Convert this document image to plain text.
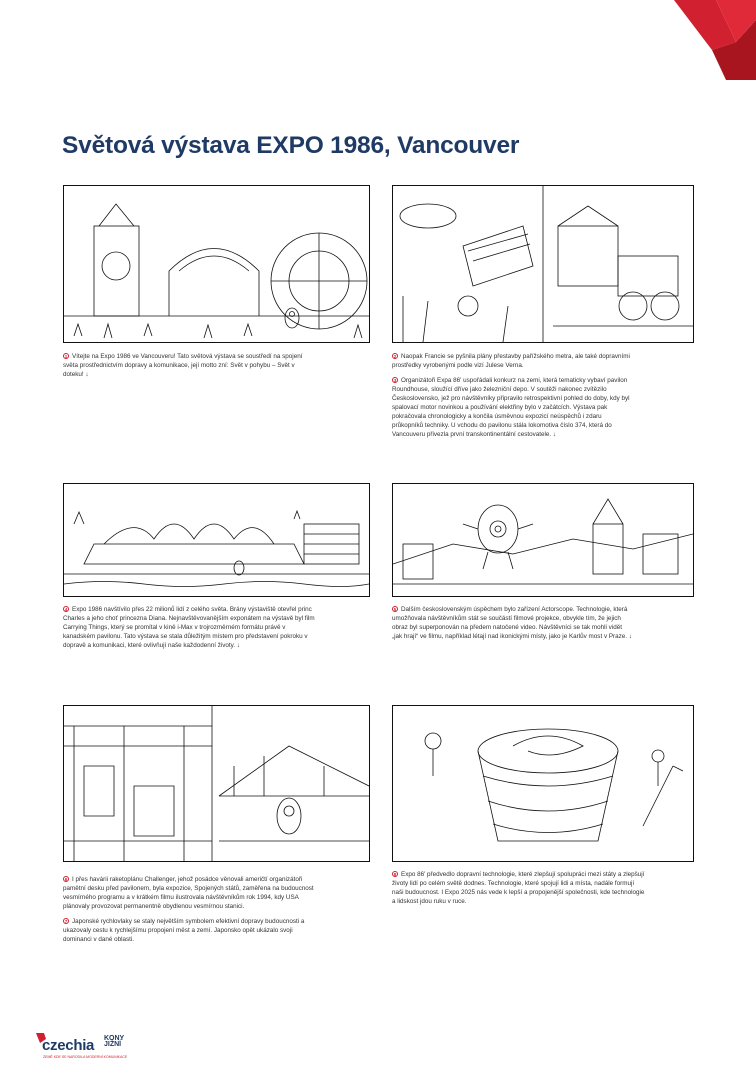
Světová výstava EXPO 1986, Vancouver

1 Vítejte na Expo 1986 ve Vancouveru! Tato světová výstava se soustředí na spojení světa prostřednictvím dopravy a komunikace, její motto zní: Svět v pohybu – Svět v doteku! ↓

2 Naopak Francie se pyšnila plány přestavby pařížského metra, ale také dopravními prostředky vyrobenými podle vizí Julese Verna.

3 Organizátoři Expa 86' uspořádali konkurz na zemi, která tematicky vybaví pavilon Roundhouse, sloužící dříve jako železniční depo. V soutěži nakonec zvítězilo Československo, jež pro návštěvníky připravilo retrospektivní pohled do doby, kdy byl spalovací motor novinkou a používání elektřiny bylo v začátcích. Výstava pak pokračovala chronologicky a končila úsměvnou expozicí neúspěchů i zdaru průkopníků techniky. U vchodu do pavilonu stála lokomotiva číslo 374, která do Vancouveru přivezla první transkontinentální cestovatele. ↓

4 Expo 1986 navštívilo přes 22 milionů lidí z celého světa. Brány výstaviště otevřel princ Charles a jeho choť princezna Diana. Nejnavštěvovanějším exponátem na výstavě byl film Carrying Things, který se promítal v kině i-Max v trojrozměrném formátu právě v kanadském pavilonu. Tato výstava se stala důležitým místem pro představení pokroku v dopravě a komunikaci, které ovlivňují naše každodenní životy. ↓

5 Dalším československým úspěchem bylo zařízení Actorscope. Technologie, která umožňovala návštěvníkům stát se součástí filmové projekce, obvykle tím, že jejich obraz byl superponován na předem natočené video. Návštěvníci se tak mohli vidět „jak hrají“ ve filmu, například létají nad ikonickými místy, jako je Karlův most v Praze. ↓

6 I přes havárii raketoplánu Challenger, jehož posádce věnovali američtí organizátoři pamětní desku před pavilonem, byla expozice, Spojených států, zaměřena na budoucnost vesmírného programu a v krátkém filmu ilustrovala návštěvníkům rok 1994, kdy USA plánovaly provozovat permanentně obydlenou vesmírnou stanici.

7 Japonské rychlovlaky se staly největším symbolem efektivní dopravy budoucnosti a ukazovaly cestu k rychlejšímu propojení měst a zemí. Japonsko opět ukázalo svoji dominanci v dané oblasti.

8 Expo 86' předvedlo dopravní technologie, které zlepšují spolupráci mezi státy a zlepšují životy lidí po celém světě dodnes. Technologie, které spojují lidi a místa, nadále formují naši budoucnost. I Expo 2025 nás vede k lepší a propojenější společnosti, kde technologie a lidskost jdou ruku v ruce.

czechia
ZEMĚ KDE SE NARODILA MODERNÍ KOMUNIKACE
KONY JIŽNÍ
